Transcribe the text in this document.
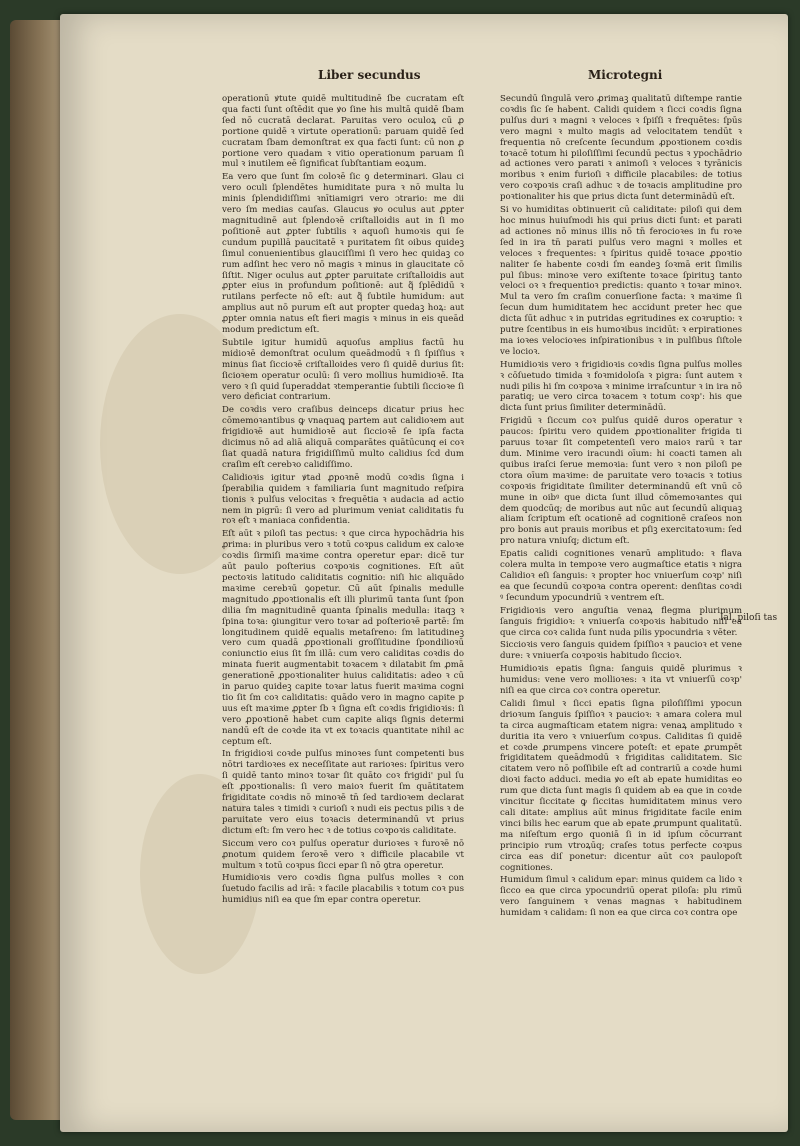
Liber secundus	Microtegni

operationū ꝟtute quidē multitudinē ſbe cucratam eſt qua facti ſunt oſtēdit que ꝟo ſine his multā quidē ſbam ſed nō cucratā declarat. Paruitas vero oculoꝝ cū ꝓ portione quidē ꝛ virtute operationū: paruam quidē ſed cucratam ſbam demonſtrat ex qua facti ſunt: cū non ꝓ portione vero quadam ꝛ vitio operationum paruam ſi mul ꝛ inutilem eē ſignificat ſubſtantiam eoꝝum.

Ea vero que ſunt ſm coloꝛē ſic ꝯ determinari. Glau ci vero oculi ſplendētes humiditate pura ꝛ nō multa lu minis ſplendidiſſimi ꝛnītiamigri vero ↄtrario: me dii vero ſm medias cauſas. Glaucus ꝟo oculus aut ꝓpter magnitudinē aut ſplendoꝛē criſtalloidis aut in ſi mo poſitionē aut ꝓpter ſubtilis ꝛ aquoſi humoꝛis qui ſe cundum pupillā paucitatē ꝛ puritatem ſit oibus quideꝫ ſimul conuenientibus glauciſſimi ſi vero hec quidaꝫ co rum adſint hec vero nō magis ꝛ minus in glaucitate cō ſiſtit. Niger oculus aut ꝓpter paruitate criſtalloidis aut ꝓpter eius in profundum poſitionē: aut q᷑ ſplēdidū ꝛ rutilans perfecte nō eſt: aut q᷑ ſubtile humidum: aut amplius aut nō purum eſt aut propter quedaꝫ hoꝝ: aut ꝓpter omnia natus eſt fieri magis ꝛ minus in eis queād modum predictum eſt.

Subtile igitur humidū aquoſus amplius factū hu midioꝛē demonſtrat oculum queādmodū ꝛ ſi ſpiſſius ꝛ minus ſiat ſiccioꝛē criſtalloides vero ſi quidē durius ſit: ſicioꝛem operatur oculū: ſi vero mollius humidioꝛē. Ita vero ꝛ ſi quid ſuperaddat ꝛtemperantie ſubtili ſiccioꝛe ſi vero deficiat contrarium.

De coꝛdis vero craſibus deinceps dicatur prius hec cōmemoꝛantibus ꝙ vnaquaꝗ partem aut calidioꝛem aut frigidioꝛē aut humidioꝛē aut ſiccioꝛē ſe ipſa facta dicimus nō ad aliā aliquā comparātes quātūcunq ei coꝛ ſiat quadā natura frigidiſſimū multo calidius ſcd dum craſim eſt cerebꝛo calidiſſimo.

Calidioꝛis igitur ꝟtad ꝓpoꝛnē modū coꝛdis ſigna i ſperabilia quidem ꝛ familiaria ſunt magnitudo reſpira tionis ꝛ pulſus velocitas ꝛ frequētia ꝛ audacia ad actio nem in pigrū: ſi vero ad plurimum veniat caliditatis fu roꝛ eſt ꝛ maniaca confidentia.

Eſt aūt ꝛ piloſi tas pectus: ꝛ que circa hypochādria his ꝓrima: in pluribus vero ꝛ totū coꝛpus calidum ex caloꝛe coꝛdis ſirmiſi maꝛime contra operetur epar: dicē tur aūt paulo poſterius coꝛpoꝛis cognitiones. Eſt aūt pectoꝛis latitudo caliditatis cognitio: niſi hic aliquādo maꝛime cerebꝛū ꝯopetur. Cū aūt ſpinalis medulle magnitudo ꝓpoꝛtionalis eſt illi plurimū tanta ſunt ſpon dilia ſm magnitudinē quanta ſpinalis medulla: itaqꝫ ꝛ ſpina toꝛa: ꝯiungitur vero toꝛar ad poſterioꝛē partē: ſm longitudinem quidē equalis metaſreno: ſm latitudineꝫ vero cum quadā ꝓpoꝛtionali groſſitudine ſpondilioꝛū coniunctio eius ſit ſm illā: cum vero caliditas coꝛdis do minata fuerit augmentabit toꝛacem ꝛ dilatabit ſm ꝓmā generationē ꝓpoꝛtionaliter huius caliditatis: adeo ꝛ cū in paruo quideꝫ capite toꝛar latus fuerit maꝛima cogni tio ſit ſm coꝛ caliditatis: quādo vero in magno capite p uus eſt maꝛime ꝓpter ſb ꝛ ſigna eſt coꝛdis frigidioꝛis: ſi vero ꝓpoꝛtionē habet cum capite aliqs ſignis determi nandū eſt de coꝛde ita vt ex toꝛacis quantitate nihil ac ceptum eſt.

In frigidioꝛi coꝛde pulſus minoꝛes ſunt competenti bus nōtri tardioꝛes ex neceſſitate aut rarioꝛes: ſpiritus vero ſi quidē tanto minoꝛ toꝛar ſit quāto coꝛ frigidi' pul ſu eſt ꝓpoꝛtionalis: ſi vero maioꝛ fuerit ſm quātitatem frigiditate coꝛdis nō minoꝛē tn̄ ſed tardioꝛem declarat natura tales ꝛ timidi ꝛ curioſi ꝛ nudi eis pectus pilis ꝛ de paruitate vero eius toꝛacis determinandū vt prius dictum eſt: ſm vero hec ꝛ de totius coꝛpoꝛis caliditate.

Siccum vero coꝛ pulſus operatur durioꝛes ꝛ furoꝛē nō ꝓnotum quidem ſeroꝛē vero ꝛ difficile placabile vt multum ꝛ totū coꝛpus ſicci epar ſi nō ꝯtra operetur.

Humidioꝛis vero coꝛdis ſigna pulſus molles ꝛ con ſuetudo facilis ad irā: ꝛ facile placabilis ꝛ totum coꝛ pus humidius niſi ea que ſm epar contra operetur.

Secundū ſingulā vero ꝓrimaꝫ qualitatū diſtempe rantie coꝛdis ſic ſe habent. Calidi quidem ꝛ ſicci coꝛdis ſigna pulſus duri ꝛ magni ꝛ veloces ꝛ ſpiſſi ꝛ frequētes: ſpūs vero magni ꝛ multo magis ad velocitatem tendūt ꝛ frequentia nō creſcente ſecundum ꝓpoꝛtionem coꝛdis toꝛacē totum hi piloſiſſimi ſecundū pectus ꝛ ypochādrio ad actiones vero parati ꝛ animoſi ꝛ veloces ꝛ tyrānicis moribus ꝛ enim furioſi ꝛ difficile placabiles: de totius vero coꝛpoꝛis craſi adhuc ꝛ de toꝛacis amplitudine pro poꝛtionaliter his que prius dicta ſunt determinādū eſt.

Si vo humiditas obtinuerit cū caliditate: piloſi qui dem hoc minus huiuſmodi his qui prius dicti ſunt: et parati ad actiones nō minus illis nō tn̄ ferocioꝛes in fu roꝛe ſed in ira tn̄ parati pulſus vero magni ꝛ molles et veloces ꝛ frequentes: ꝛ ſpiritus quidē toꝛace ꝓpoꝛtio naliter ſe habente coꝛdi ſm eandeꝫ ſoꝛmā erit ſimilis pul ſibus: minoꝛe vero exiſtente toꝛace ſpirituꝫ tanto veloci oꝛ ꝛ frequentioꝛ predictis: quanto ꝛ toꝛar minoꝛ. Mul ta vero ſm craſim conuerſione facta: ꝛ maꝛime ſi ſecun dum humiditatem hec accidunt preter hec que dicta ſūt adhuc ꝛ in putridas egritudines ex coꝛruptio: ꝛ putre ſcentibus in eis humoꝛibus incidūt: ꝛ erpirationes ma ioꝛes velocioꝛes inſpirationibus ꝛ in pulſibus ſiſtole ve locioꝛ.

Humidioꝛis vero ꝛ frigidioꝛis coꝛdis ſigna pulſus molles ꝛ cōſuetudo timida ꝛ foꝛmidoloſa ꝛ pigra: ſunt autem ꝛ nudi pilis hi ſm coꝛpoꝛa ꝛ minime irraſcuntur ꝛ in ira nō paratiq; ue vero circa toꝛacem ꝛ totum coꝛp': his que dicta ſunt prius ſimiliter determinādū.

Frigidū ꝛ ſiccum coꝛ pulſus quidē duros operatur ꝛ paucos: ſpiritu vero quidem ꝓpoꝛtionaliter frigida ti paruus toꝛar ſit competenteſi vero maioꝛ rarū ꝛ tar dum. Minime vero iracundi oīum: hi coacti tamen alı quibus iraſci ſerue memoꝛia: ſunt vero ꝛ non piloſi pe ctora oīum maꝛime: de paruitate vero toꝛacis ꝛ totius coꝛpoꝛis frigiditate ſimiliter determinandū eſt vnū cō mune in oibꝰ que dicta ſunt illud cōmemoꝛantes qui dem quodcūq; de moribus aut nūc aut ſecundū aliquaꝫ aliam ſcriptum eſt ocationē ad cognitionē craſeos non pro bonis aut prauis moribus et pſiꝫ exercitatoꝛum: ſed pro natura vniuſq; dictum eſt.

Epatis calidi cognitiones venarū amplitudo: ꝛ flava colera multa in tempoꝛe vero augmaſtice etatis ꝛ nigra Calidioꝛ eſi ſanguis: ꝛ propter hoc vniuerſum coꝛp' niſi ea que ſecundū coꝛpoꝛa contra operent: denſitas coꝛdi ꝰ ſecundum ypocundriū ꝛ ventrem eſt.

Frigidioꝛis vero anguſtia venaꝝ flegma plurimum ſanguis frigidioꝛ: ꝛ vniuerſa coꝛpoꝛis habitudo niſi ea que circa coꝛ calida ſunt nuda pilis ypocundria ꝛ vēter.

Siccioꝛis vero ſanguis quidem ſpiſſioꝛ ꝛ paucioꝛ et vene dure: ꝛ vniuerſa coꝛpoꝛis habitudo ſiccioꝛ.

Humidioꝛis epatis ſigna: ſanguis quidē plurimus ꝛ humidus: vene vero mollioꝛes: ꝛ ita vt vniuerſū coꝛp' niſi ea que circa coꝛ contra operetur.

Calidi ſimul ꝛ ſicci epatis ſigna piloſiſſimi ypocun drioꝛum ſanguis ſpiſſioꝛ ꝛ paucioꝛ: ꝛ amara colera mul ta circa augmaſticam etatem nigra: venaꝝ amplitudo ꝛ duritia ita vero ꝛ vniuerſum coꝛpus. Caliditas ſi quidē et coꝛde ꝓrumpens vincere poteſt: et epate ꝓrumpēt frigiditatem queādmodū ꝛ frigiditas caliditatem. Sic citatem vero nō poſſibile eſt ad contrariū a coꝛde humi dioꝛi facto adduci. media ꝟo eſt ab epate humiditas eo rum que dicta ſunt magis ſi quidem ab ea que in coꝛde vincitur ſiccitate ꝙ ſiccitas humiditatem minus vero cali ditate: amplius aūt minus frigiditate facile enim vinci bilis hec earum que ab epate ꝓrumpunt qualitatū. ma niſeſtum ergo quoniā ſi in id ipſum cōcurrant principio rum vtroꝝūq; craſes totus perfecte coꝛpus circa eas diſ ponetur: dicentur aūt coꝛ paulopoſt cognitiones.

Humidum ſimul ꝛ calidum epar: minus quidem ca lido ꝛ ſicco ea que circa ypocundriū operat piloſa: plu rimū vero ſanguinem ꝛ venas magnas ꝛ habitudinem humidam ꝛ calidam: ſi non ea que circa coꝛ contra ope

Ial. piloſi tas
